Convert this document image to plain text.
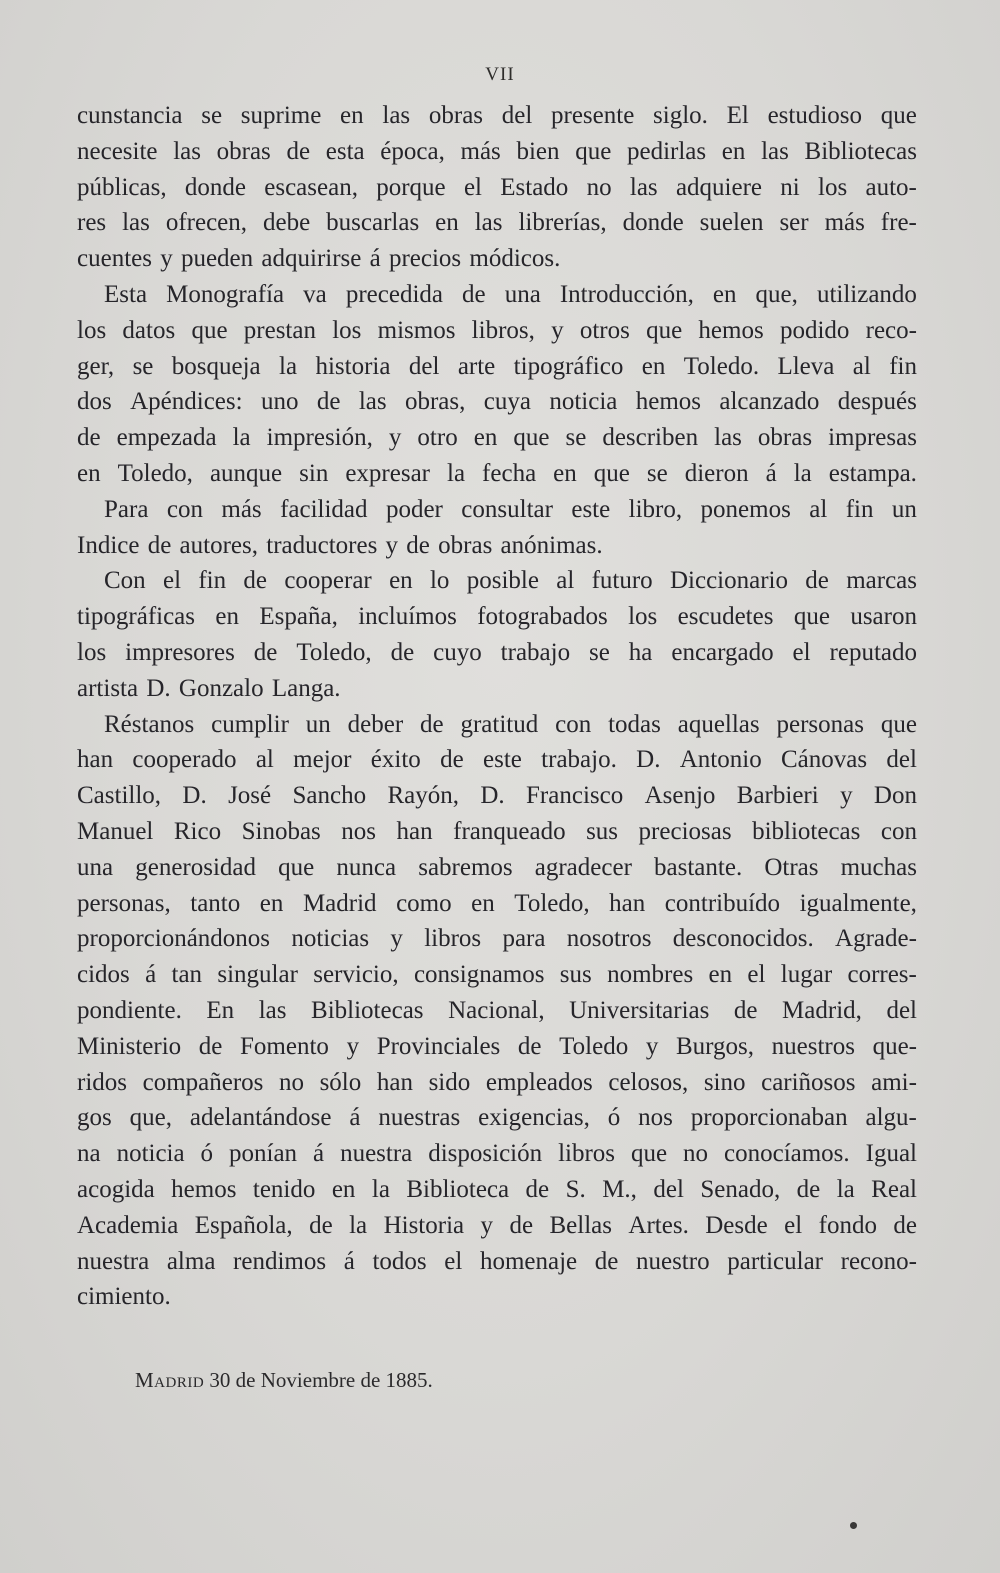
VII
cunstancia se suprime en las obras del presente siglo. El estudioso que
necesite las obras de esta época, más bien que pedirlas en las Bibliotecas
públicas, donde escasean, porque el Estado no las adquiere ni los auto-
res las ofrecen, debe buscarlas en las librerías, donde suelen ser más fre-
cuentes y pueden adquirirse á precios módicos.
Esta Monografía va precedida de una Introducción, en que, utilizando
los datos que prestan los mismos libros, y otros que hemos podido reco-
ger, se bosqueja la historia del arte tipográfico en Toledo. Lleva al fin
dos Apéndices: uno de las obras, cuya noticia hemos alcanzado después
de empezada la impresión, y otro en que se describen las obras impresas
en Toledo, aunque sin expresar la fecha en que se dieron á la estampa.
Para con más facilidad poder consultar este libro, ponemos al fin un
Indice de autores, traductores y de obras anónimas.
Con el fin de cooperar en lo posible al futuro Diccionario de marcas
tipográficas en España, incluímos fotograbados los escudetes que usaron
los impresores de Toledo, de cuyo trabajo se ha encargado el reputado
artista D. Gonzalo Langa.
Réstanos cumplir un deber de gratitud con todas aquellas personas que
han cooperado al mejor éxito de este trabajo. D. Antonio Cánovas del
Castillo, D. José Sancho Rayón, D. Francisco Asenjo Barbieri y Don
Manuel Rico Sinobas nos han franqueado sus preciosas bibliotecas con
una generosidad que nunca sabremos agradecer bastante. Otras muchas
personas, tanto en Madrid como en Toledo, han contribuído igualmente,
proporcionándonos noticias y libros para nosotros desconocidos. Agrade-
cidos á tan singular servicio, consignamos sus nombres en el lugar corres-
pondiente. En las Bibliotecas Nacional, Universitarias de Madrid, del
Ministerio de Fomento y Provinciales de Toledo y Burgos, nuestros que-
ridos compañeros no sólo han sido empleados celosos, sino cariñosos ami-
gos que, adelantándose á nuestras exigencias, ó nos proporcionaban algu-
na noticia ó ponían á nuestra disposición libros que no conocíamos. Igual
acogida hemos tenido en la Biblioteca de S. M., del Senado, de la Real
Academia Española, de la Historia y de Bellas Artes. Desde el fondo de
nuestra alma rendimos á todos el homenaje de nuestro particular recono-
cimiento.
Madrid 30 de Noviembre de 1885.
